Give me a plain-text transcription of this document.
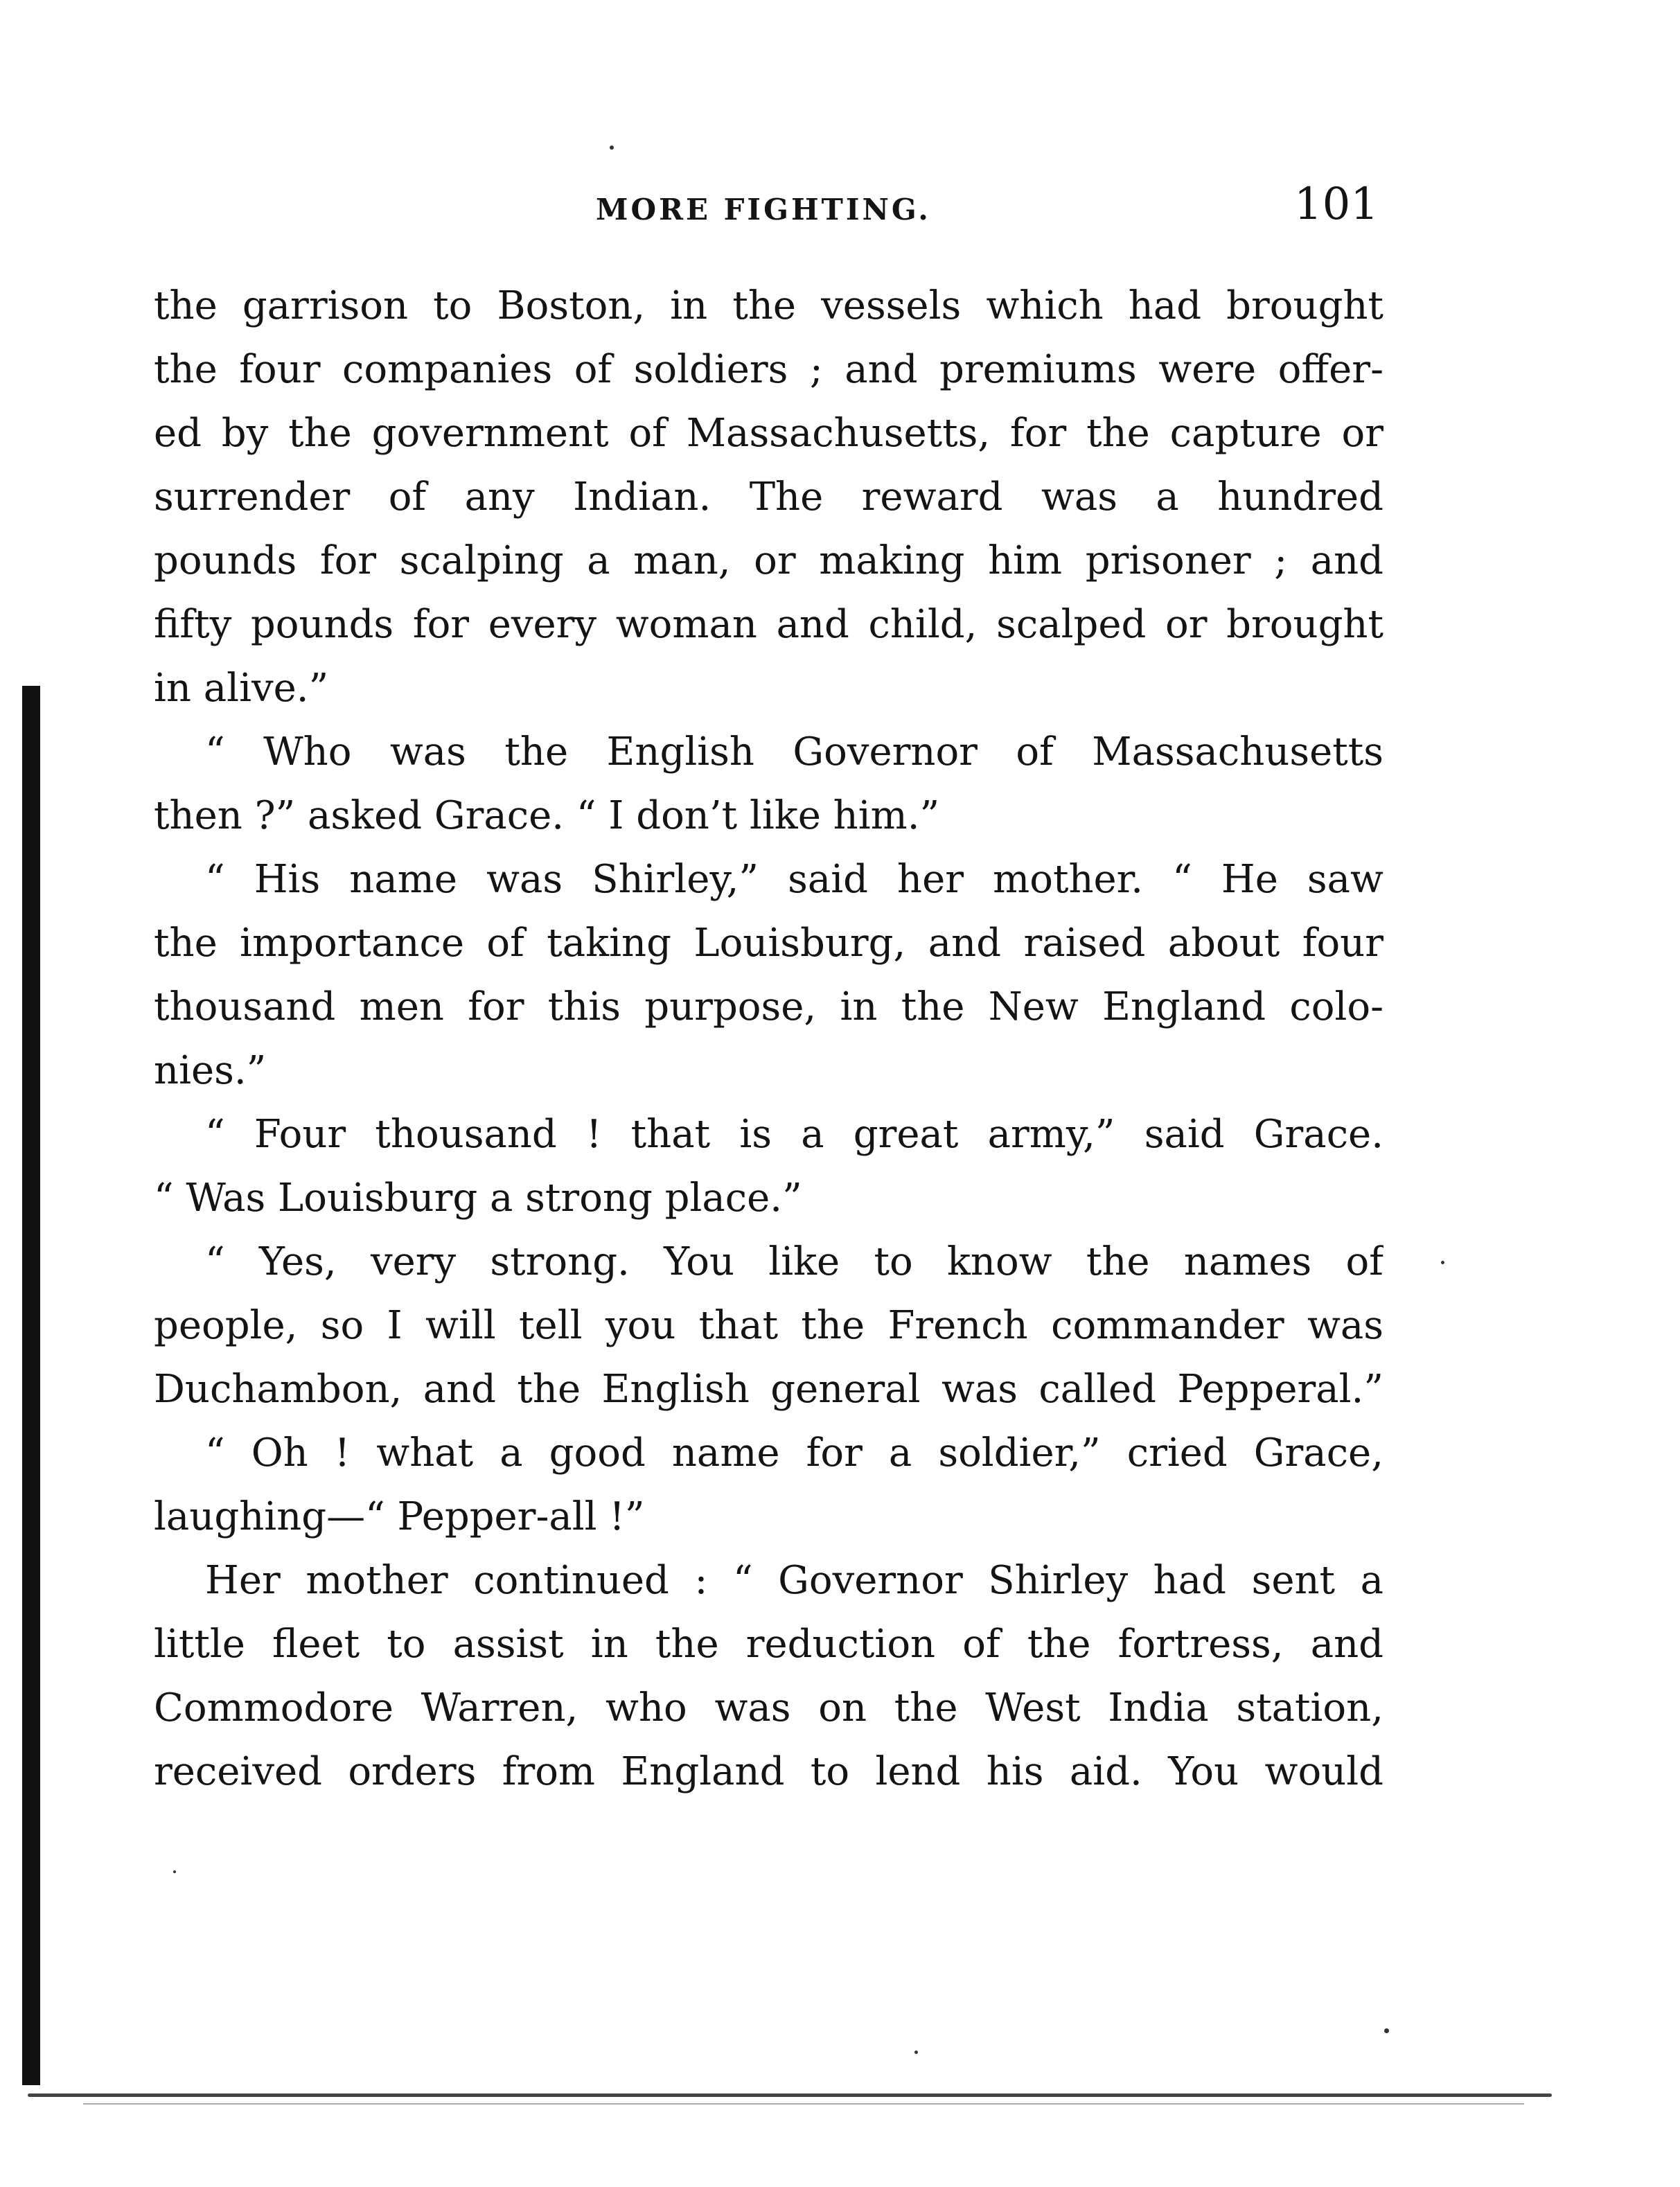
MORE FIGHTING.	101
the garrison to Boston, in the vessels which had brought
the four companies of soldiers ; and premiums were offer-
ed by the government of Massachusetts, for the capture or
surrender of any Indian. The reward was a hundred
pounds for scalping a man, or making him prisoner ; and
fifty pounds for every woman and child, scalped or brought
in alive.”
“ Who was the English Governor of Massachusetts
then ?” asked Grace. “ I don’t like him.”
“ His name was Shirley,” said her mother. “ He saw
the importance of taking Louisburg, and raised about four
thousand men for this purpose, in the New England colo-
nies.”
“ Four thousand ! that is a great army,” said Grace.
“ Was Louisburg a strong place.”
“ Yes, very strong. You like to know the names of
people, so I will tell you that the French commander was
Duchambon, and the English general was called Pepperal.”
“ Oh ! what a good name for a soldier,” cried Grace,
laughing—“ Pepper-all !”
Her mother continued : “ Governor Shirley had sent a
little fleet to assist in the reduction of the fortress, and
Commodore Warren, who was on the West India station,
received orders from England to lend his aid. You would
